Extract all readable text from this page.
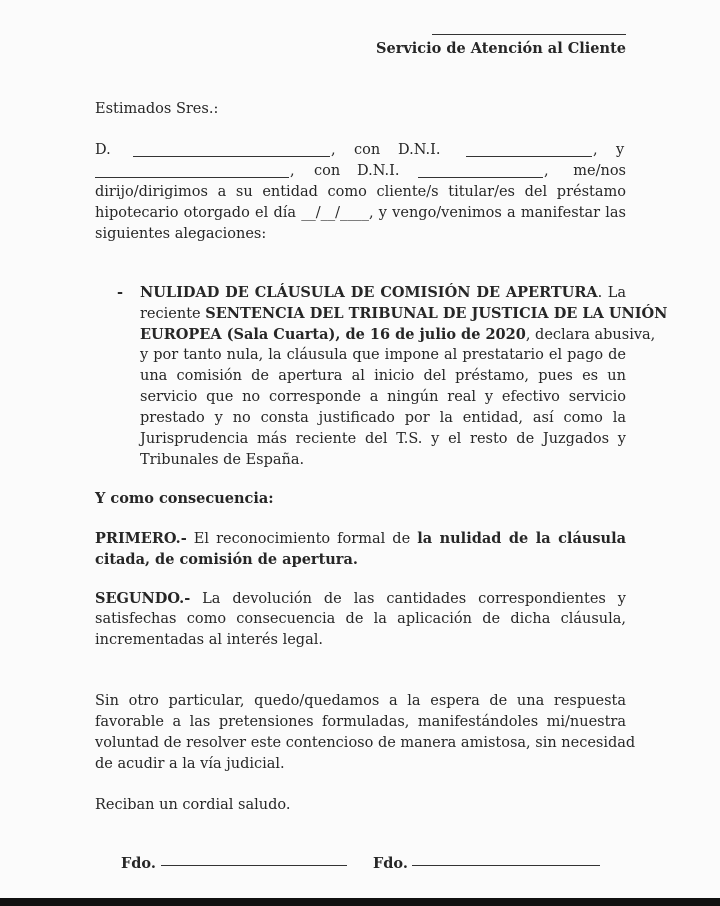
Servicio de Atención al Cliente
Estimados Sres.:
D.	, con D.N.I.	, y
, con D.N.I.	, me/nos
dirijo/dirigimos a su entidad como cliente/s titular/es del préstamo
hipotecario otorgado el día __/__/____, y vengo/venimos a manifestar las
siguientes alegaciones:
- NULIDAD DE CLÁUSULA DE COMISIÓN DE APERTURA. La
reciente SENTENCIA DEL TRIBUNAL DE JUSTICIA DE LA UNIÓN
EUROPEA (Sala Cuarta), de 16 de julio de 2020, declara abusiva,
y por tanto nula, la cláusula que impone al prestatario el pago de
una comisión de apertura al inicio del préstamo, pues es un
servicio que no corresponde a ningún real y efectivo servicio
prestado y no consta justificado por la entidad, así como la
Jurisprudencia más reciente del T.S. y el resto de Juzgados y
Tribunales de España.
Y como consecuencia:
PRIMERO.- El reconocimiento formal de la nulidad de la cláusula
citada, de comisión de apertura.
SEGUNDO.- La devolución de las cantidades correspondientes y
satisfechas como consecuencia de la aplicación de dicha cláusula,
incrementadas al interés legal.
Sin otro particular, quedo/quedamos a la espera de una respuesta
favorable a las pretensiones formuladas, manifestándoles mi/nuestra
voluntad de resolver este contencioso de manera amistosa, sin necesidad
de acudir a la vía judicial.
Reciban un cordial saludo.
Fdo.	Fdo.
